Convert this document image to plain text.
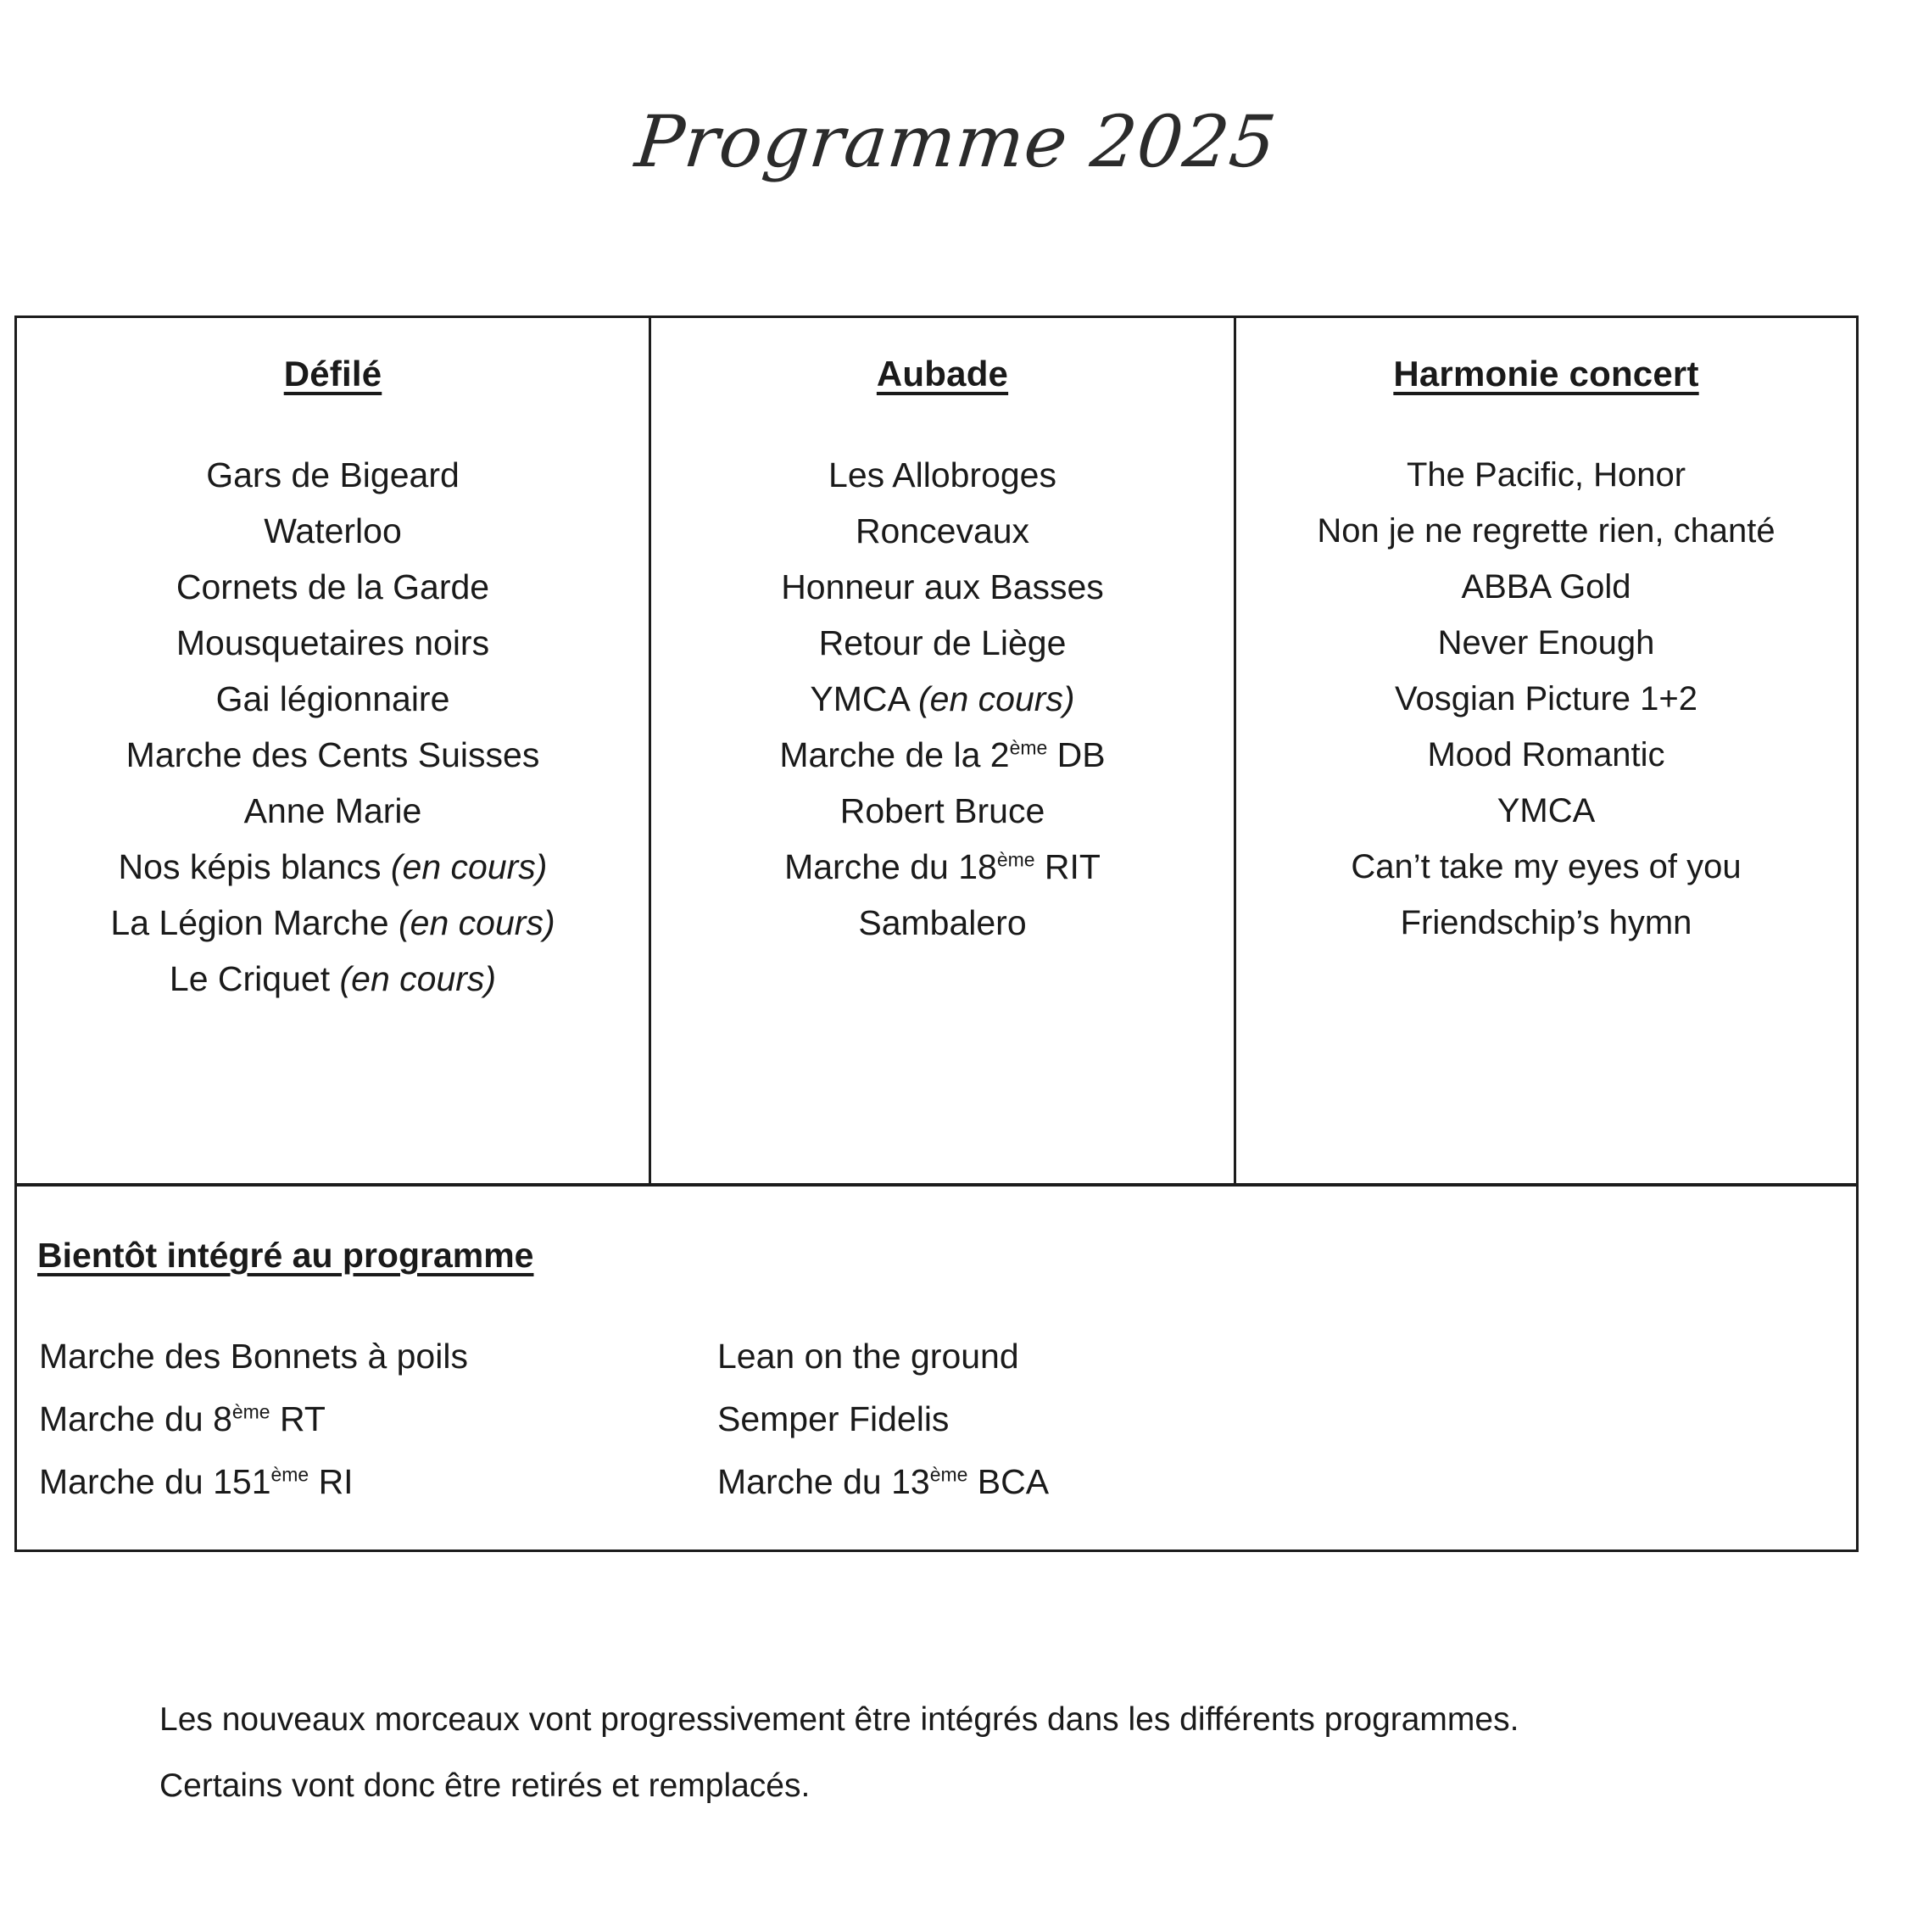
Programme 2025
Défilé
Gars de Bigeard
Waterloo
Cornets de la Garde
Mousquetaires noirs
Gai légionnaire
Marche des Cents Suisses
Anne Marie
Nos képis blancs (en cours)
La Légion Marche (en cours)
Le Criquet (en cours)
Aubade
Les Allobroges
Roncevaux
Honneur aux Basses
Retour de Liège
YMCA (en cours)
Marche de la 2ème DB
Robert Bruce
Marche du 18ème RIT
Sambalero
Harmonie concert
The Pacific, Honor
Non je ne regrette rien, chanté
ABBA Gold
Never Enough
Vosgian Picture 1+2
Mood Romantic
YMCA
Can’t take my eyes of you
Friendschip’s hymn
Bientôt intégré au programme
Marche des Bonnets à poils
Marche du 8ème RT
Marche du 151ème RI
Lean on the ground
Semper Fidelis
Marche du 13ème BCA

Les nouveaux morceaux vont progressivement être intégrés dans les différents programmes.

Certains vont donc être retirés et remplacés.
